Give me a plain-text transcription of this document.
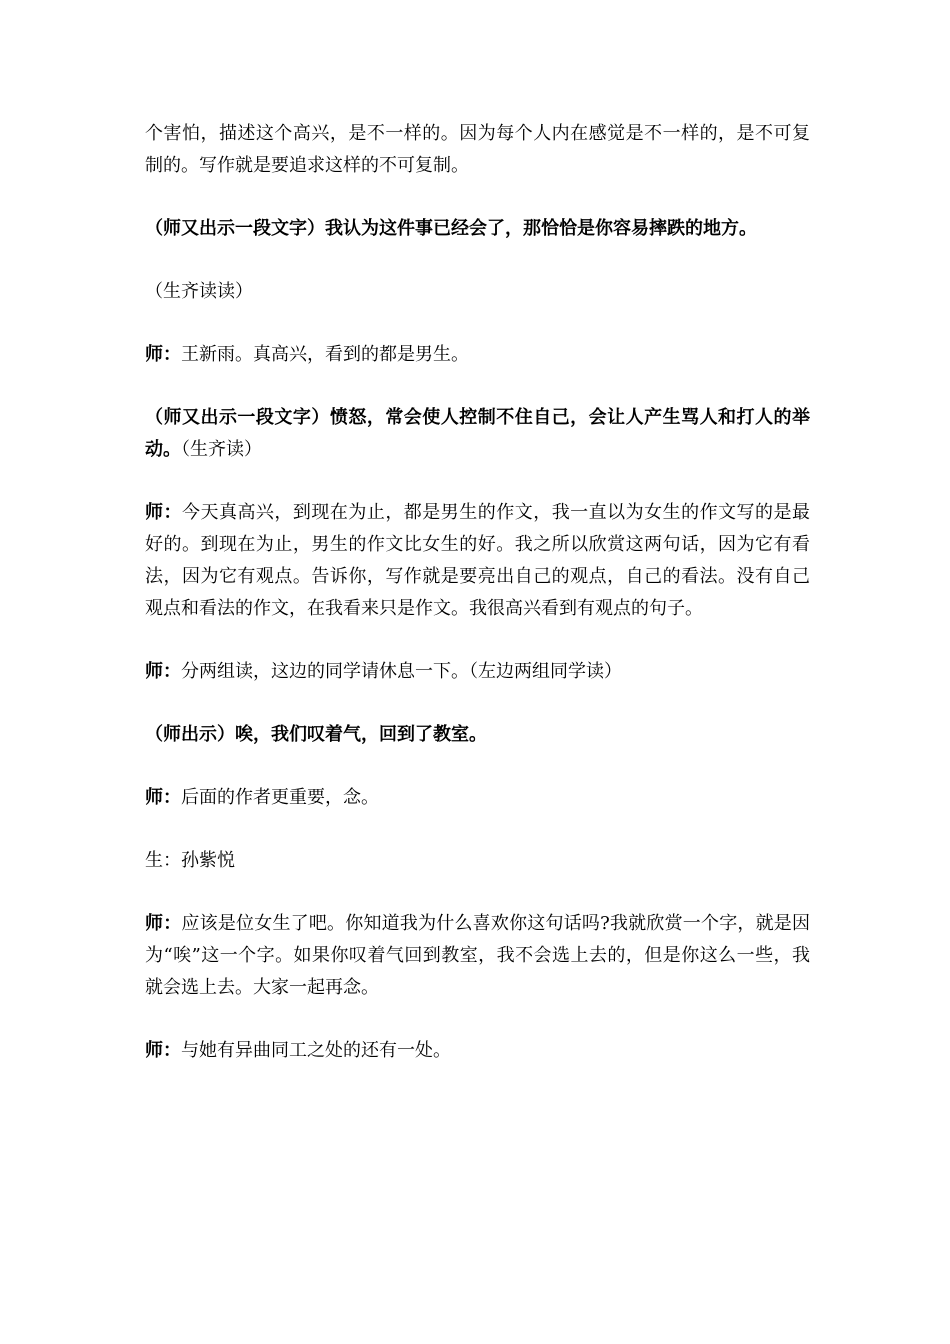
个害怕，描述这个高兴，是不一样的。因为每个人内在感觉是不一样的，是不可复制的。写作就是要追求这样的不可复制。

（师又出示一段文字）我认为这件事已经会了，那恰恰是你容易摔跌的地方。

（生齐读读）

师：王新雨。真高兴，看到的都是男生。

（师又出示一段文字）愤怒，常会使人控制不住自己，会让人产生骂人和打人的举动。（生齐读）

师：今天真高兴，到现在为止，都是男生的作文，我一直以为女生的作文写的是最好的。到现在为止，男生的作文比女生的好。我之所以欣赏这两句话，因为它有看法，因为它有观点。告诉你，写作就是要亮出自己的观点，自己的看法。没有自己观点和看法的作文，在我看来只是作文。我很高兴看到有观点的句子。

师：分两组读，这边的同学请休息一下。（左边两组同学读）

（师出示）唉，我们叹着气，回到了教室。

师：后面的作者更重要，念。

生：孙紫悦

师：应该是位女生了吧。你知道我为什么喜欢你这句话吗?我就欣赏一个字，就是因为“唉”这一个字。如果你叹着气回到教室，我不会选上去的，但是你这么一些，我就会选上去。大家一起再念。

师：与她有异曲同工之处的还有一处。
